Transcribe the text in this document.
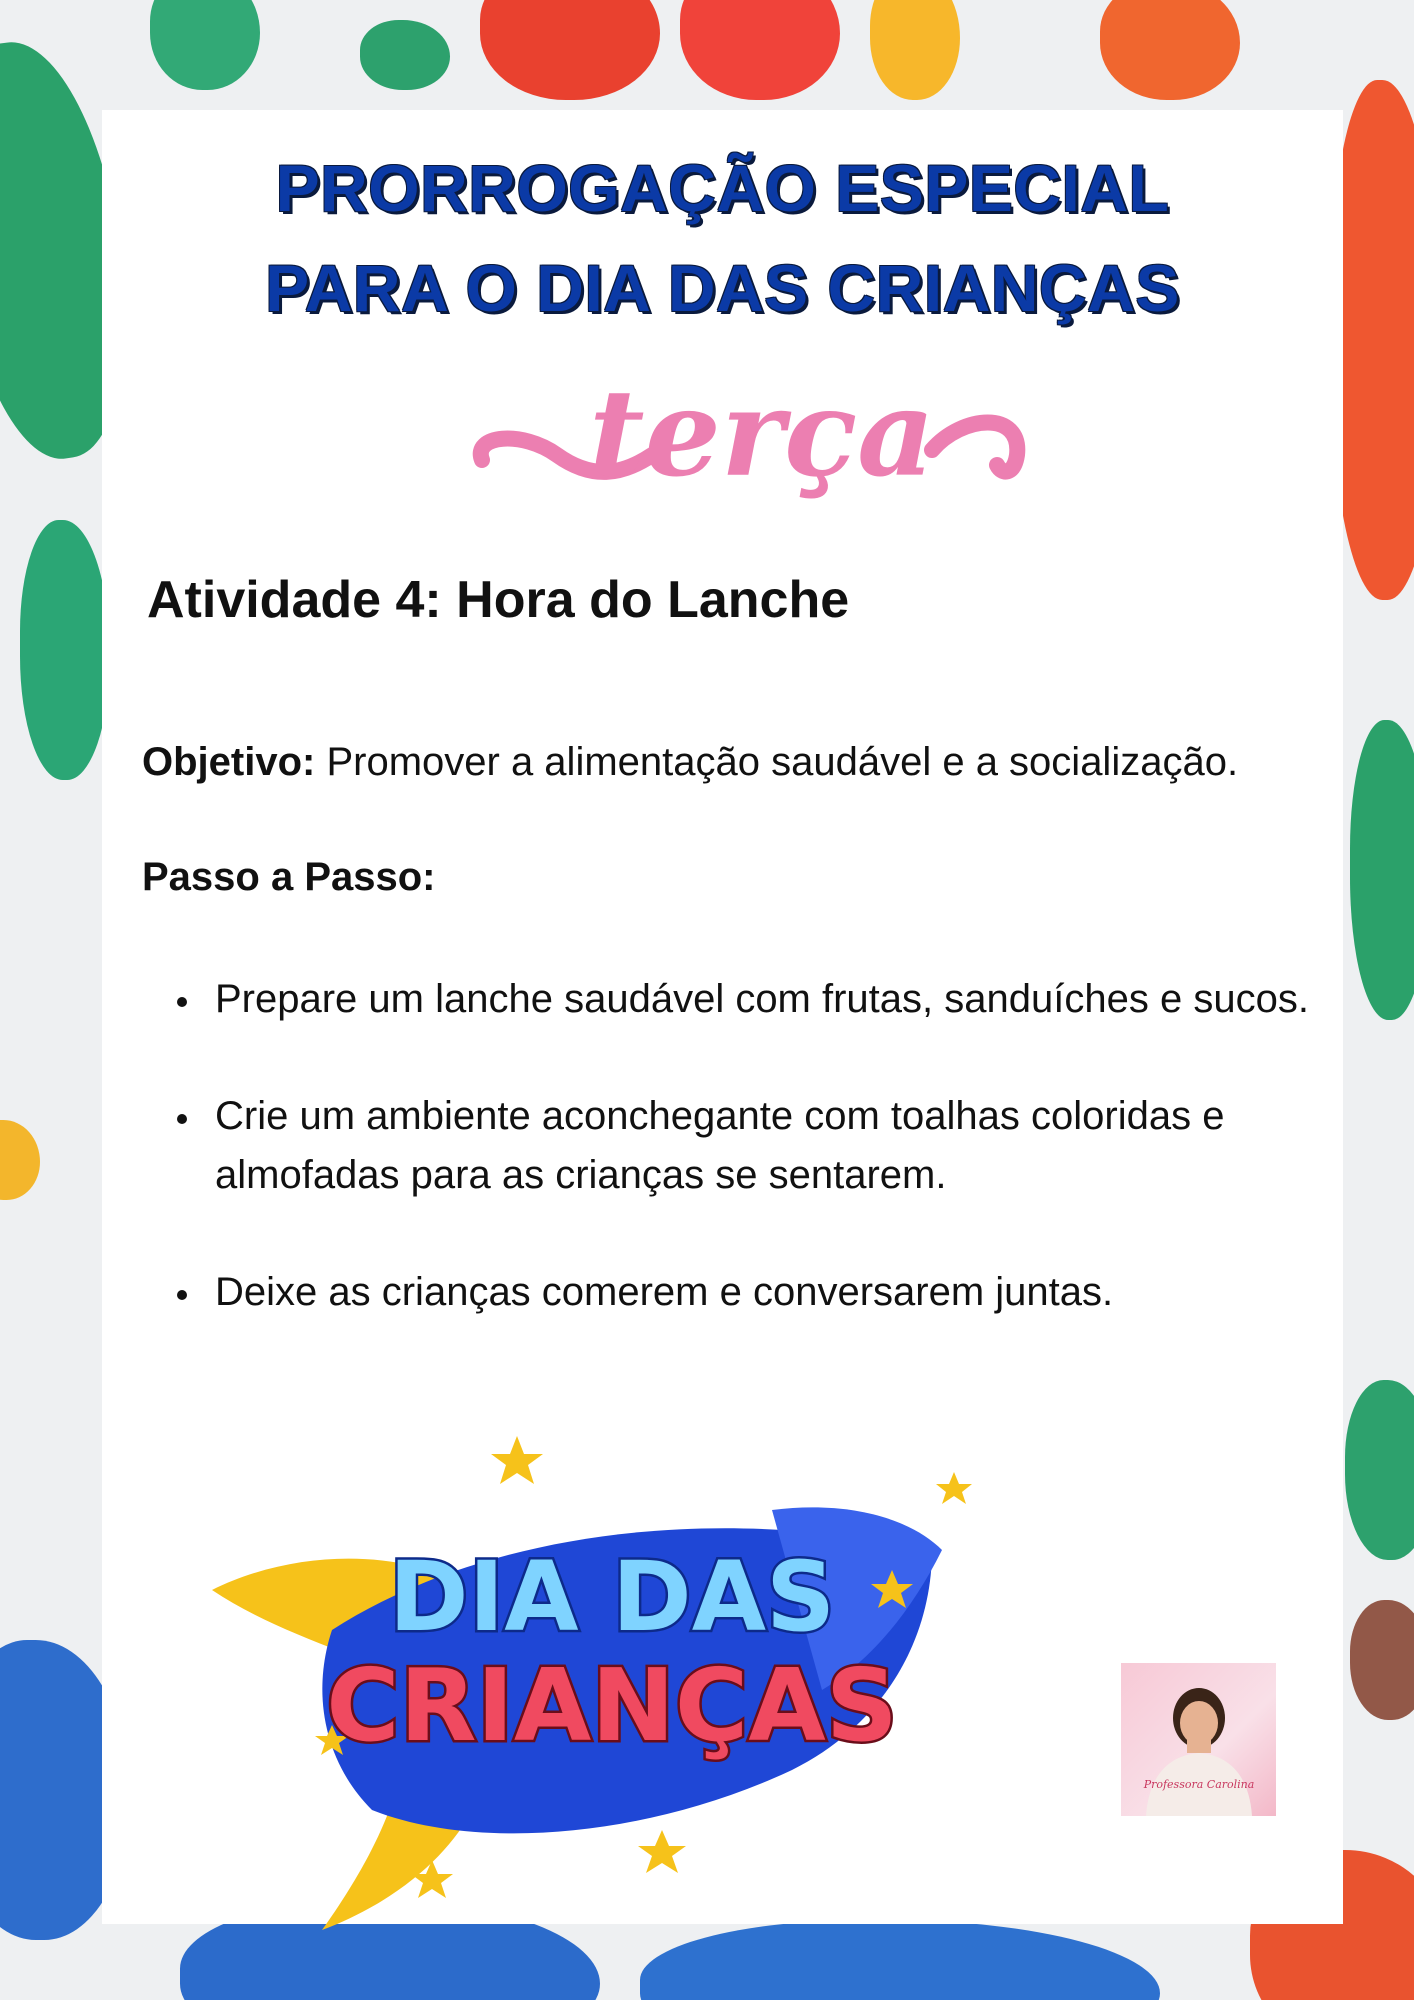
PRORROGAÇÃO ESPECIAL
PARA O DIA DAS CRIANÇAS
terça
Atividade 4: Hora do Lanche

Objetivo: Promover a alimentação saudável e a socialização.

Passo a Passo:

Prepare um lanche saudável com frutas, sanduíches e sucos.
Crie um ambiente aconchegante com toalhas coloridas e almofadas para as crianças se sentarem.
Deixe as crianças comerem e conversarem juntas.
DIA DAS
CRIANÇAS
Professora Carolina
